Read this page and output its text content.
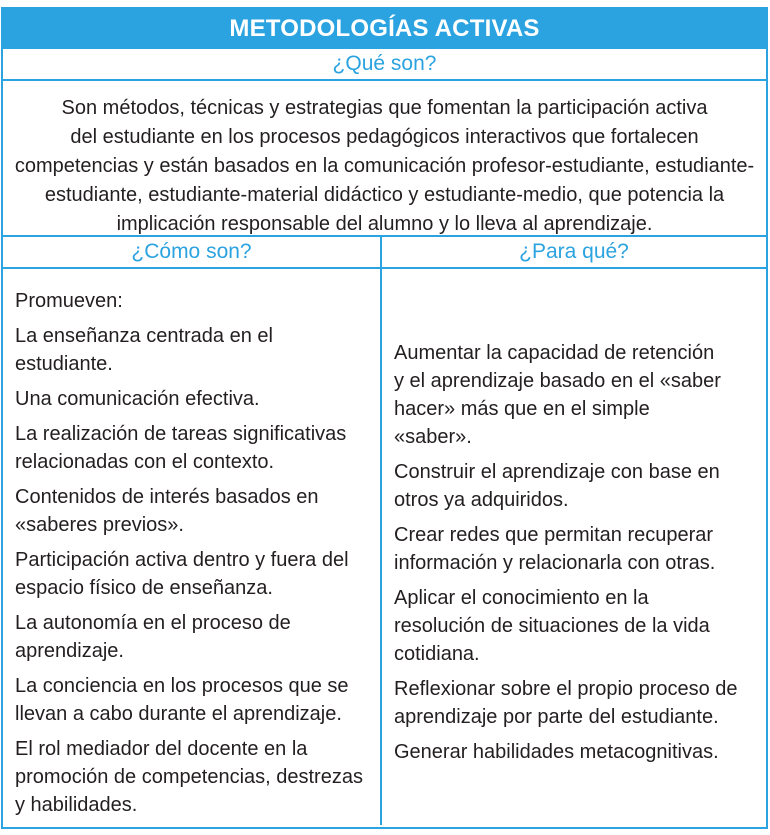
METODOLOGÍAS ACTIVAS
¿Qué son?
Son métodos, técnicas y estrategias que fomentan la participación activa
del estudiante en los procesos pedagógicos interactivos que fortalecen
competencias y están basados en la comunicación profesor-estudiante, estudiante-
estudiante, estudiante-material didáctico y estudiante-medio, que potencia la
implicación responsable del alumno y lo lleva al aprendizaje.
¿Cómo son?	¿Para qué?
Promueven:
La enseñanza centrada en el
estudiante.
Una comunicación efectiva.
La realización de tareas significativas
relacionadas con el contexto.
Contenidos de interés basados en
«saberes previos».
Participación activa dentro y fuera del
espacio físico de enseñanza.
La autonomía en el proceso de
aprendizaje.
La conciencia en los procesos que se
llevan a cabo durante el aprendizaje.
El rol mediador del docente en la
promoción de competencias, destrezas
y habilidades.
Aumentar la capacidad de retención
y el aprendizaje basado en el «saber
hacer» más que en el simple
«saber».
Construir el aprendizaje con base en
otros ya adquiridos.
Crear redes que permitan recuperar
información y relacionarla con otras.
Aplicar el conocimiento en la
resolución de situaciones de la vida
cotidiana.
Reflexionar sobre el propio proceso de
aprendizaje por parte del estudiante.
Generar habilidades metacognitivas.
